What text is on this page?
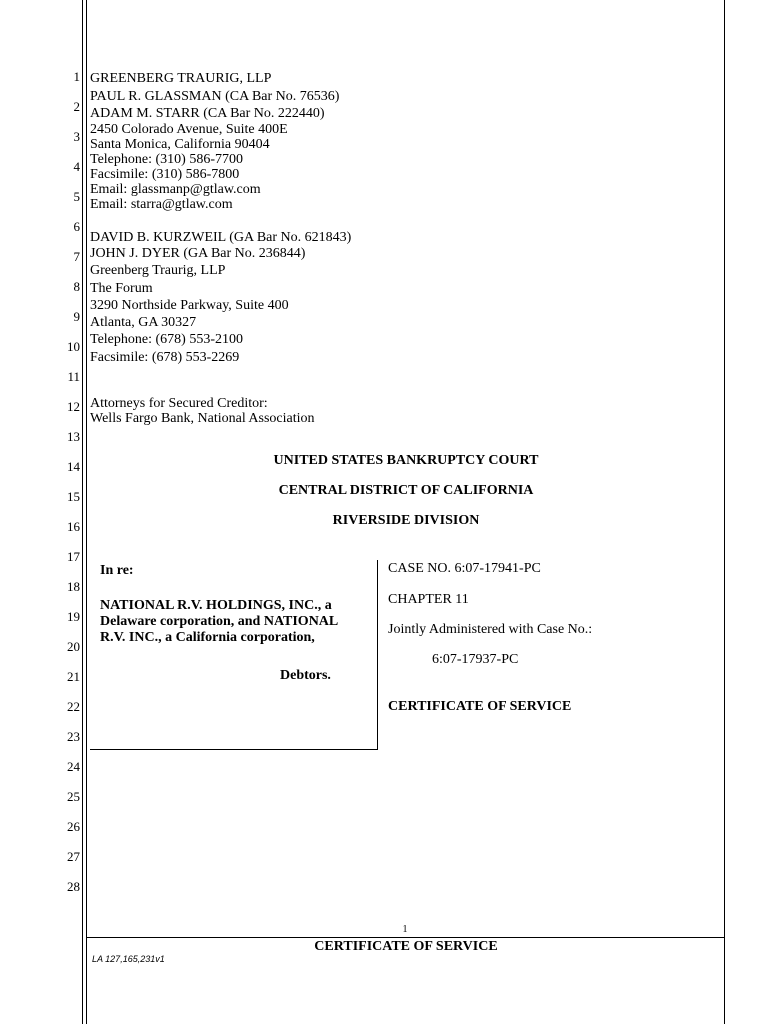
1
2
3
4
5
6
7
8
9
10
11
12
13
14
15
16
17
18
19
20
21
22
23
24
25
26
27
28
GREENBERG TRAURIG, LLP
PAUL R. GLASSMAN (CA Bar No. 76536)
ADAM M. STARR (CA Bar No. 222440)
2450 Colorado Avenue, Suite 400E
Santa Monica, California 90404
Telephone: (310) 586-7700
Facsimile: (310) 586-7800
Email: glassmanp@gtlaw.com
Email: starra@gtlaw.com
DAVID B. KURZWEIL (GA Bar No. 621843)
JOHN J. DYER (GA Bar No. 236844)
Greenberg Traurig, LLP
The Forum
3290 Northside Parkway, Suite 400
Atlanta, GA 30327
Telephone: (678) 553-2100
Facsimile: (678) 553-2269
Attorneys for Secured Creditor:
Wells Fargo Bank, National Association
UNITED STATES BANKRUPTCY COURT
CENTRAL DISTRICT OF CALIFORNIA
RIVERSIDE DIVISION
In re:
NATIONAL R.V. HOLDINGS, INC., a
Delaware corporation, and NATIONAL
R.V. INC., a California corporation,
Debtors.
CASE NO. 6:07-17941-PC
CHAPTER 11
Jointly Administered with Case No.:
6:07-17937-PC
CERTIFICATE OF SERVICE
1
CERTIFICATE OF SERVICE
LA 127,165,231v1
